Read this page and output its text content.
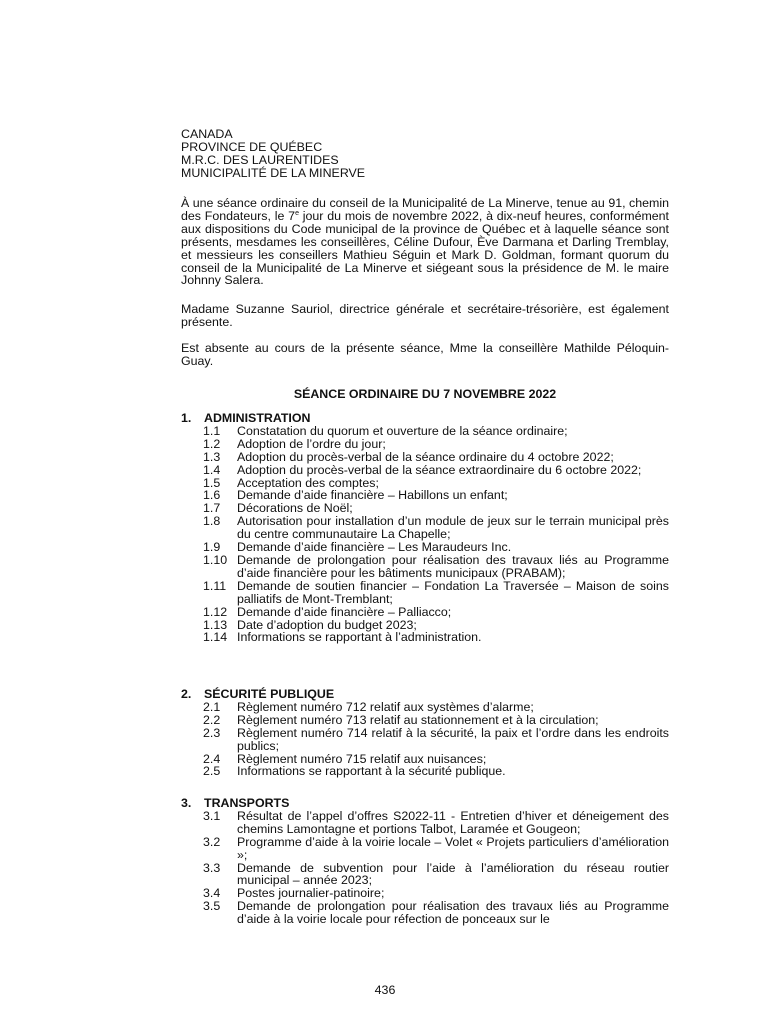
CANADA
PROVINCE DE QUÉBEC
M.R.C. DES LAURENTIDES
MUNICIPALITÉ DE LA MINERVE
À une séance ordinaire du conseil de la Municipalité de La Minerve, tenue au 91, chemin des Fondateurs, le 7e jour du mois de novembre 2022, à dix-neuf heures, conformément aux dispositions du Code municipal de la province de Québec et à laquelle séance sont présents, mesdames les conseillères, Céline Dufour, Ève Darmana et Darling Tremblay, et messieurs les conseillers Mathieu Séguin et Mark D. Goldman, formant quorum du conseil de la Municipalité de La Minerve et siégeant sous la présidence de M. le maire Johnny Salera.
Madame Suzanne Sauriol, directrice générale et secrétaire-trésorière, est également présente.
Est absente au cours de la présente séance, Mme la conseillère Mathilde Péloquin-Guay.
SÉANCE ORDINAIRE DU 7 NOVEMBRE 2022
1.	ADMINISTRATION
1.1	Constatation du quorum et ouverture de la séance ordinaire;
1.2	Adoption de l’ordre du jour;
1.3	Adoption du procès-verbal de la séance ordinaire du 4 octobre 2022;
1.4	Adoption du procès-verbal de la séance extraordinaire du 6 octobre 2022;
1.5	Acceptation des comptes;
1.6	Demande d’aide financière – Habillons un enfant;
1.7	Décorations de Noël;
1.8	Autorisation pour installation d’un module de jeux sur le terrain municipal près du centre communautaire La Chapelle;
1.9	Demande d’aide financière – Les Maraudeurs Inc.
1.10 Demande de prolongation pour réalisation des travaux liés au Programme d’aide financière pour les bâtiments municipaux (PRABAM);
1.11 Demande de soutien financier – Fondation La Traversée – Maison de soins palliatifs de Mont-Tremblant;
1.12 Demande d’aide financière – Palliacco;
1.13 Date d’adoption du budget 2023;
1.14 Informations se rapportant à l’administration.
2.	SÉCURITÉ PUBLIQUE
2.1	Règlement numéro 712 relatif aux systèmes d’alarme;
2.2	Règlement numéro 713 relatif au stationnement et à la circulation;
2.3	Règlement numéro 714 relatif à la sécurité, la paix et l’ordre dans les endroits publics;
2.4	Règlement numéro 715 relatif aux nuisances;
2.5	Informations se rapportant à la sécurité publique.
3.	TRANSPORTS
3.1	Résultat de l’appel d’offres S2022-11 - Entretien d’hiver et déneigement des chemins Lamontagne et portions Talbot, Laramée et Gougeon;
3.2	Programme d’aide à la voirie locale – Volet « Projets particuliers d’amélioration »;
3.3	Demande de subvention pour l’aide à l’amélioration du réseau routier municipal – année 2023;
3.4	Postes journalier-patinoire;
3.5	Demande de prolongation pour réalisation des travaux liés au Programme d’aide à la voirie locale pour réfection de ponceaux sur le
436
